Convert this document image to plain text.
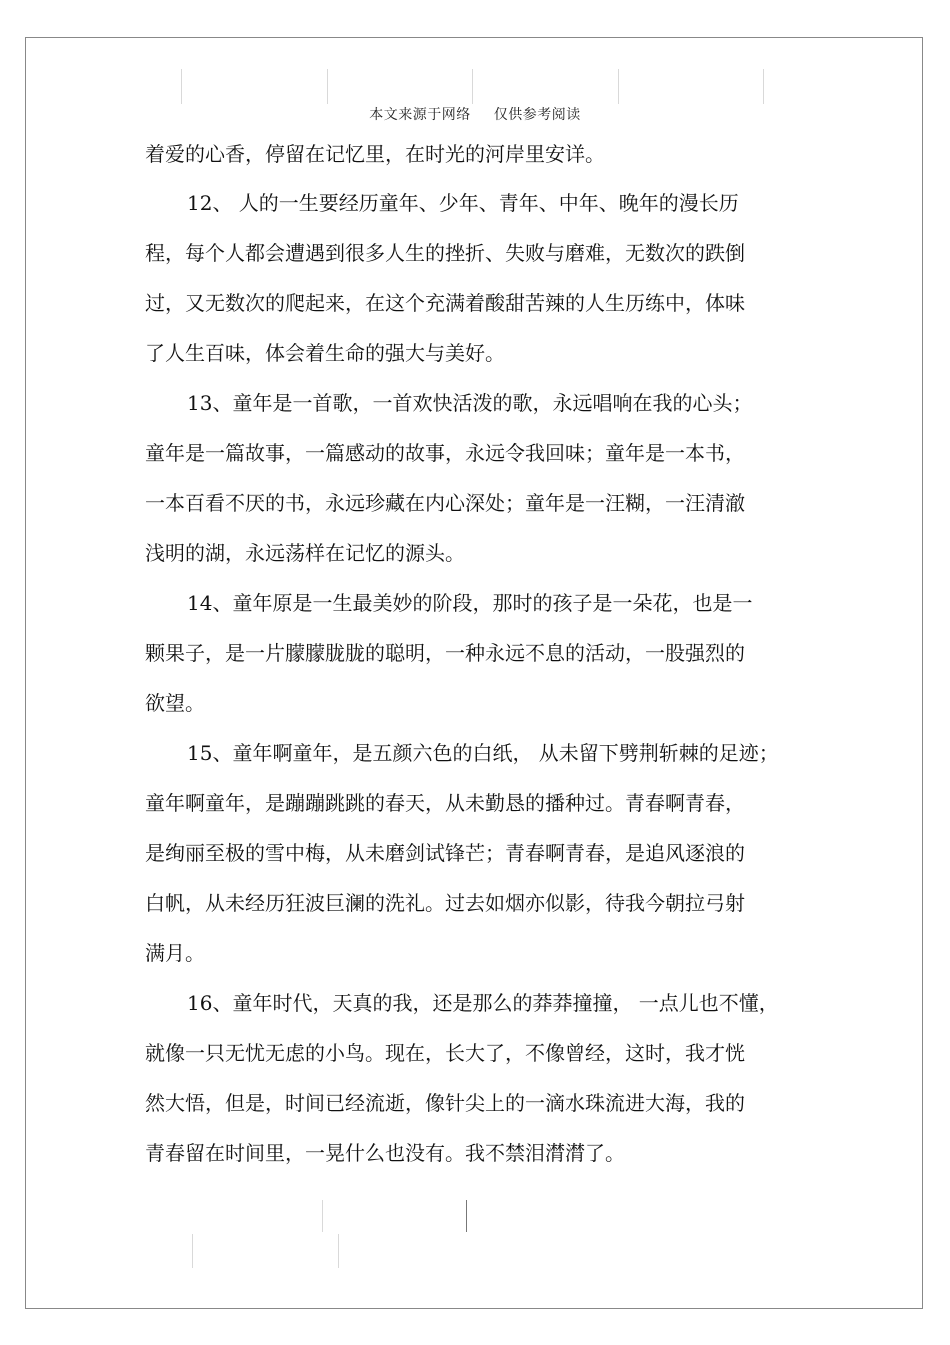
本文来源于网络 仅供参考阅读
着爱的心香，停留在记忆里，在时光的河岸里安详。
12、 人的一生要经历童年、少年、青年、中年、晚年的漫长历
程，每个人都会遭遇到很多人生的挫折、失败与磨难，无数次的跌倒
过，又无数次的爬起来，在这个充满着酸甜苦辣的人生历练中，体味
了人生百味，体会着生命的强大与美好。
13、童年是一首歌，一首欢快活泼的歌，永远唱响在我的心头；
童年是一篇故事，一篇感动的故事，永远令我回味；童年是一本书，
一本百看不厌的书，永远珍藏在内心深处；童年是一汪糊，一汪清澈
浅明的湖，永远荡样在记忆的源头。
14、童年原是一生最美妙的阶段，那时的孩子是一朵花，也是一
颗果子，是一片朦朦胧胧的聪明，一种永远不息的活动，一股强烈的
欲望。
15、童年啊童年，是五颜六色的白纸， 从未留下劈荆斩棘的足迹；
童年啊童年，是蹦蹦跳跳的春天，从未勤恳的播种过。青春啊青春，
是绚丽至极的雪中梅，从未磨剑试锋芒；青春啊青春，是追风逐浪的
白帆，从未经历狂波巨澜的洗礼。过去如烟亦似影，待我今朝拉弓射
满月。
16、童年时代，天真的我，还是那么的莽莽撞撞， 一点儿也不懂，
就像一只无忧无虑的小鸟。现在，长大了，不像曾经，这时，我才恍
然大悟，但是，时间已经流逝，像针尖上的一滴水珠流进大海，我的
青春留在时间里，一晃什么也没有。我不禁泪潸潸了。
